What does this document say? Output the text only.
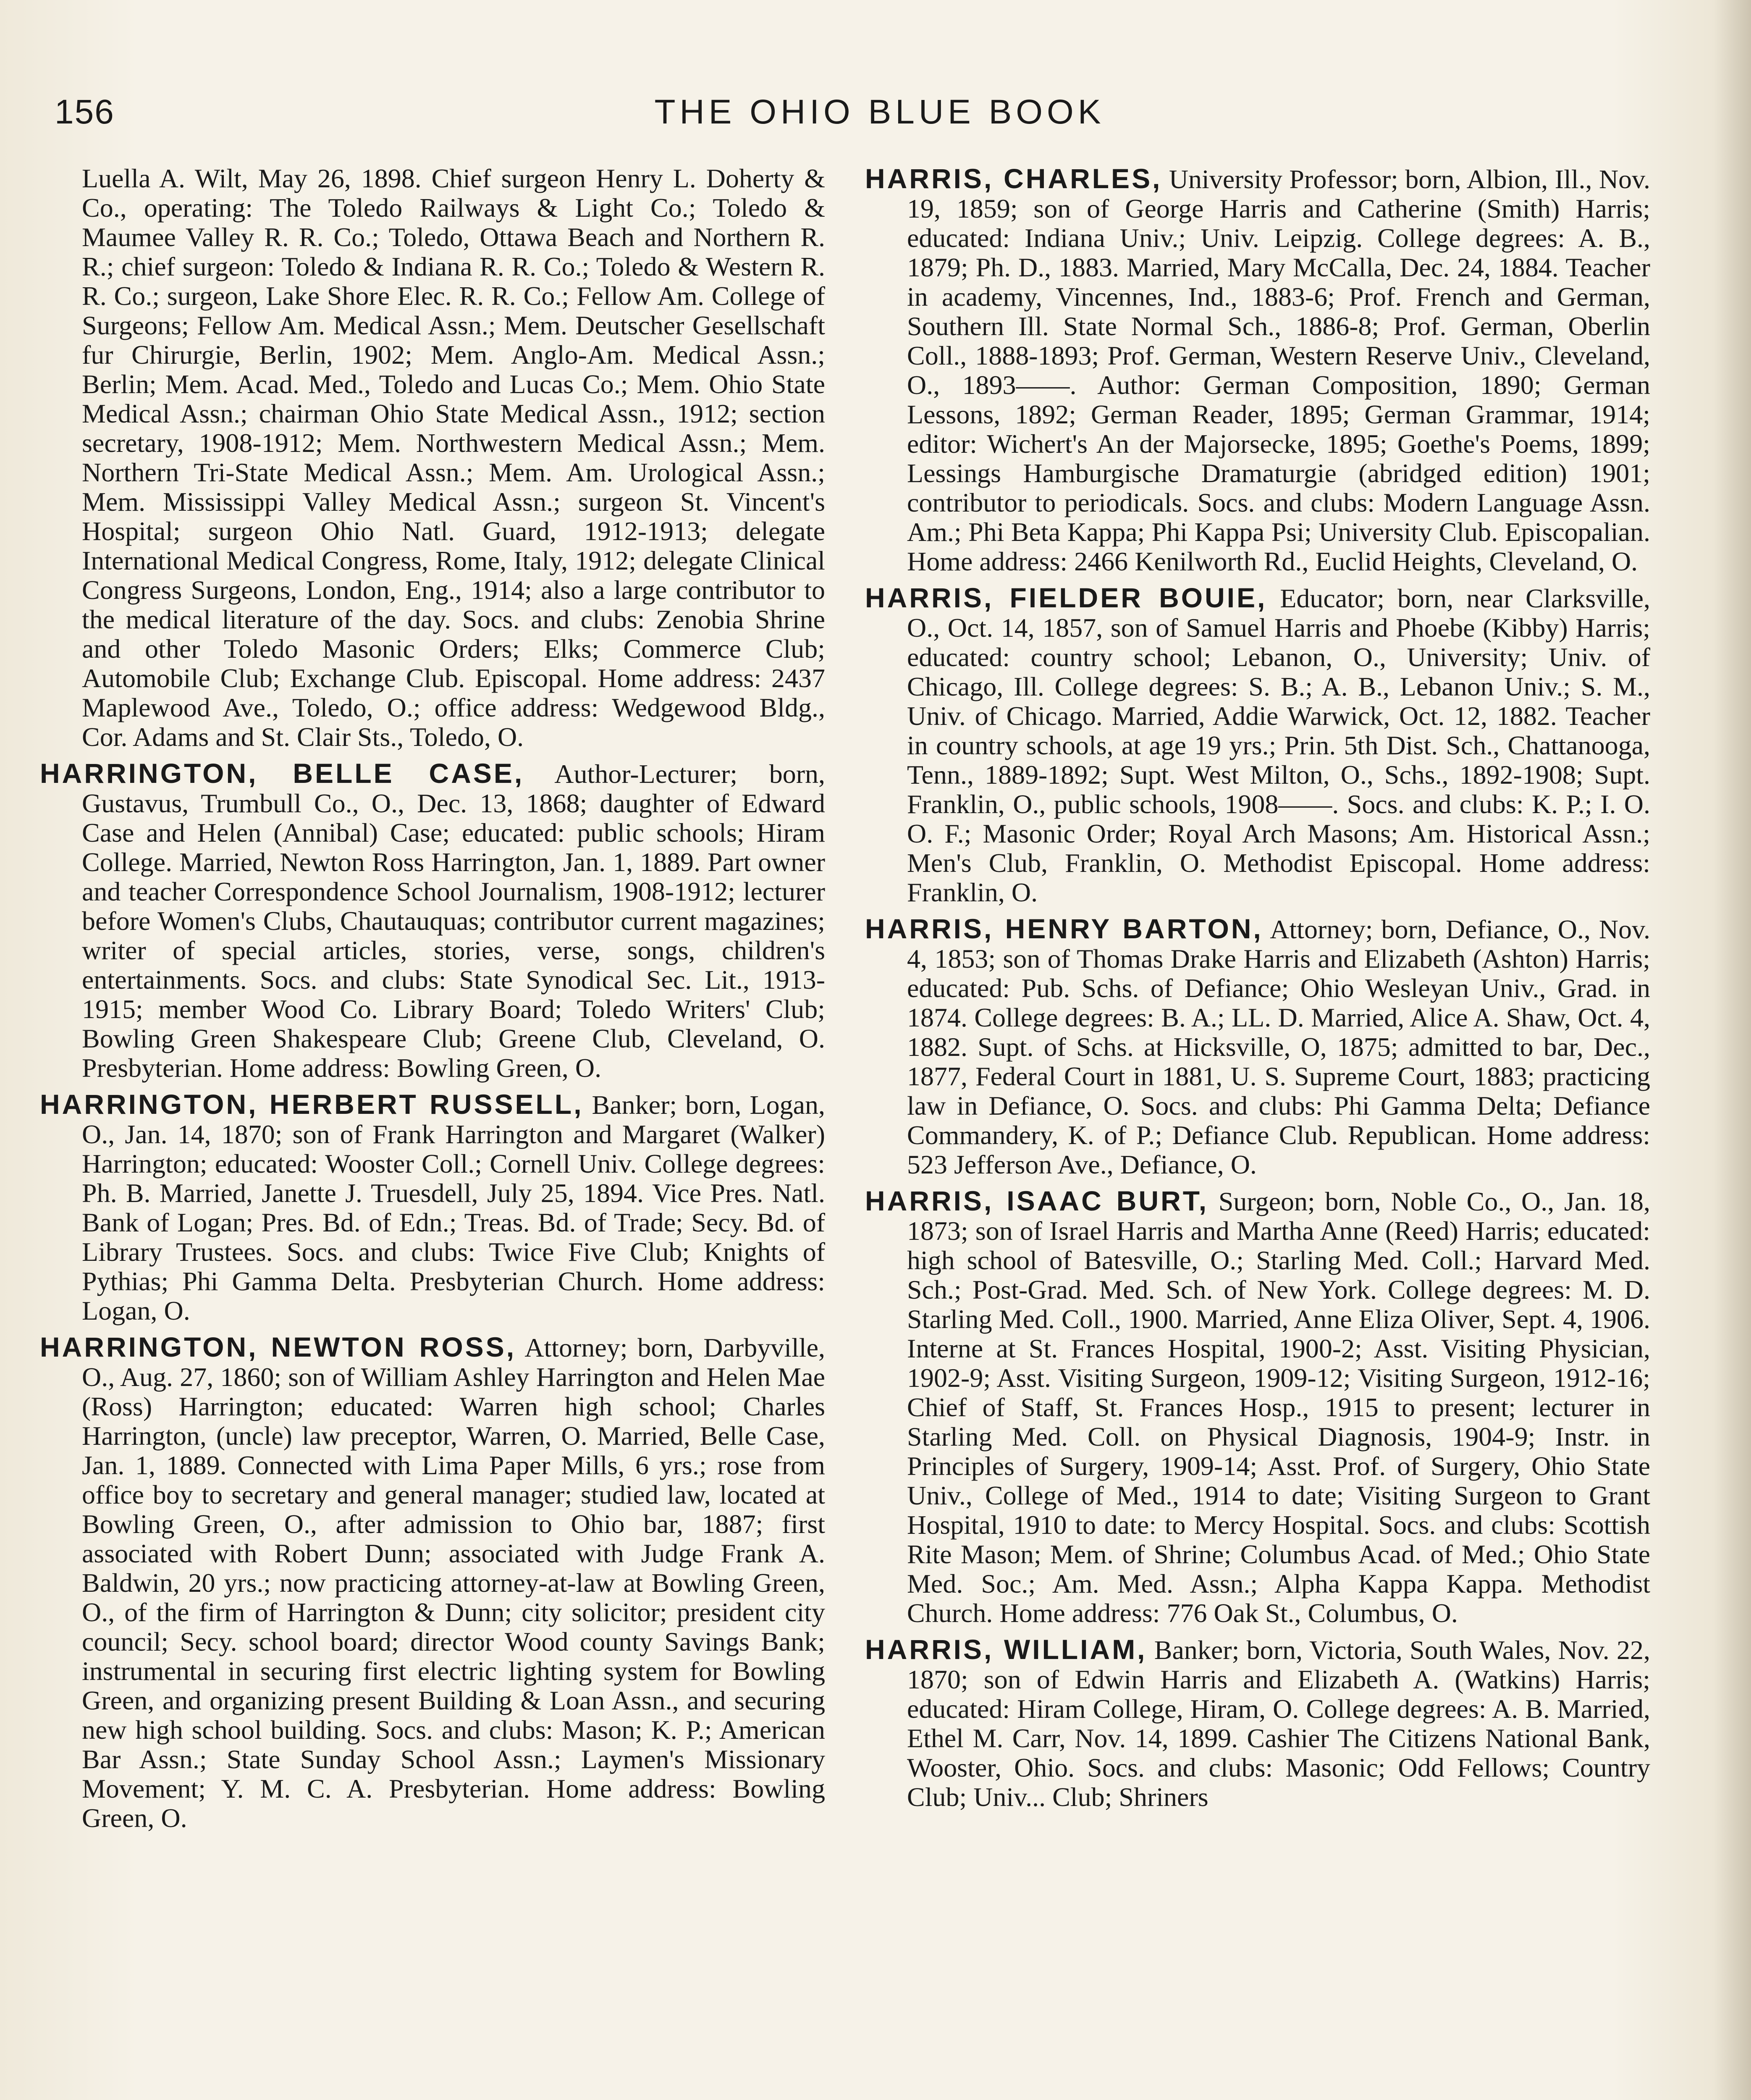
156	THE OHIO BLUE BOOK

Luella A. Wilt, May 26, 1898. Chief surgeon Henry L. Doherty & Co., operating: The Toledo Railways & Light Co.; Toledo & Maumee Valley R. R. Co.; Toledo, Ottawa Beach and Northern R. R.; chief surgeon: Toledo & Indiana R. R. Co.; Toledo & Western R. R. Co.; surgeon, Lake Shore Elec. R. R. Co.; Fellow Am. College of Surgeons; Fellow Am. Medical Assn.; Mem. Deutscher Gesellschaft fur Chirurgie, Berlin, 1902; Mem. Anglo-Am. Medical Assn.; Berlin; Mem. Acad. Med., Toledo and Lucas Co.; Mem. Ohio State Medical Assn.; chairman Ohio State Medical Assn., 1912; section secretary, 1908-1912; Mem. Northwestern Medical Assn.; Mem. Northern Tri-State Medical Assn.; Mem. Am. Urological Assn.; Mem. Mississippi Valley Medical Assn.; surgeon St. Vincent's Hospital; surgeon Ohio Natl. Guard, 1912-1913; delegate International Medical Congress, Rome, Italy, 1912; delegate Clinical Congress Surgeons, London, Eng., 1914; also a large contributor to the medical literature of the day. Socs. and clubs: Zenobia Shrine and other Toledo Masonic Orders; Elks; Commerce Club; Automobile Club; Exchange Club. Episcopal. Home address: 2437 Maplewood Ave., Toledo, O.; office address: Wedgewood Bldg., Cor. Adams and St. Clair Sts., Toledo, O.

HARRINGTON, BELLE CASE, Author-Lecturer; born, Gustavus, Trumbull Co., O., Dec. 13, 1868; daughter of Edward Case and Helen (Annibal) Case; educated: public schools; Hiram College. Married, Newton Ross Harrington, Jan. 1, 1889. Part owner and teacher Correspondence School Journalism, 1908-1912; lecturer before Women's Clubs, Chautauquas; contributor current magazines; writer of special articles, stories, verse, songs, children's entertainments. Socs. and clubs: State Synodical Sec. Lit., 1913-1915; member Wood Co. Library Board; Toledo Writers' Club; Bowling Green Shakespeare Club; Greene Club, Cleveland, O. Presbyterian. Home address: Bowling Green, O.

HARRINGTON, HERBERT RUSSELL, Banker; born, Logan, O., Jan. 14, 1870; son of Frank Harrington and Margaret (Walker) Harrington; educated: Wooster Coll.; Cornell Univ. College degrees: Ph. B. Married, Janette J. Truesdell, July 25, 1894. Vice Pres. Natl. Bank of Logan; Pres. Bd. of Edn.; Treas. Bd. of Trade; Secy. Bd. of Library Trustees. Socs. and clubs: Twice Five Club; Knights of Pythias; Phi Gamma Delta. Presbyterian Church. Home address: Logan, O.

HARRINGTON, NEWTON ROSS, Attorney; born, Darbyville, O., Aug. 27, 1860; son of William Ashley Harrington and Helen Mae (Ross) Harrington; educated: Warren high school; Charles Harrington, (uncle) law preceptor, Warren, O. Married, Belle Case, Jan. 1, 1889. Connected with Lima Paper Mills, 6 yrs.; rose from office boy to secretary and general manager; studied law, located at Bowling Green, O., after admission to Ohio bar, 1887; first associated with Robert Dunn; associated with Judge Frank A. Baldwin, 20 yrs.; now practicing attorney-at-law at Bowling Green, O., of the firm of Harrington & Dunn; city solicitor; president city council; Secy. school board; director Wood county Savings Bank; instrumental in securing first electric lighting system for Bowling Green, and organizing present Building & Loan Assn., and securing new high school building. Socs. and clubs: Mason; K. P.; American Bar Assn.; State Sunday School Assn.; Laymen's Missionary Movement; Y. M. C. A. Presbyterian. Home address: Bowling Green, O.

HARRIS, CHARLES, University Professor; born, Albion, Ill., Nov. 19, 1859; son of George Harris and Catherine (Smith) Harris; educated: Indiana Univ.; Univ. Leipzig. College degrees: A. B., 1879; Ph. D., 1883. Married, Mary McCalla, Dec. 24, 1884. Teacher in academy, Vincennes, Ind., 1883-6; Prof. French and German, Southern Ill. State Normal Sch., 1886-8; Prof. German, Oberlin Coll., 1888-1893; Prof. German, Western Reserve Univ., Cleveland, O., 1893——. Author: German Composition, 1890; German Lessons, 1892; German Reader, 1895; German Grammar, 1914; editor: Wichert's An der Majorsecke, 1895; Goethe's Poems, 1899; Lessings Hamburgische Dramaturgie (abridged edition) 1901; contributor to periodicals. Socs. and clubs: Modern Language Assn. Am.; Phi Beta Kappa; Phi Kappa Psi; University Club. Episcopalian. Home address: 2466 Kenilworth Rd., Euclid Heights, Cleveland, O.

HARRIS, FIELDER BOUIE, Educator; born, near Clarksville, O., Oct. 14, 1857, son of Samuel Harris and Phoebe (Kibby) Harris; educated: country school; Lebanon, O., University; Univ. of Chicago, Ill. College degrees: S. B.; A. B., Lebanon Univ.; S. M., Univ. of Chicago. Married, Addie Warwick, Oct. 12, 1882. Teacher in country schools, at age 19 yrs.; Prin. 5th Dist. Sch., Chattanooga, Tenn., 1889-1892; Supt. West Milton, O., Schs., 1892-1908; Supt. Franklin, O., public schools, 1908——. Socs. and clubs: K. P.; I. O. O. F.; Masonic Order; Royal Arch Masons; Am. Historical Assn.; Men's Club, Franklin, O. Methodist Episcopal. Home address: Franklin, O.

HARRIS, HENRY BARTON, Attorney; born, Defiance, O., Nov. 4, 1853; son of Thomas Drake Harris and Elizabeth (Ashton) Harris; educated: Pub. Schs. of Defiance; Ohio Wesleyan Univ., Grad. in 1874. College degrees: B. A.; LL. D. Married, Alice A. Shaw, Oct. 4, 1882. Supt. of Schs. at Hicksville, O, 1875; admitted to bar, Dec., 1877, Federal Court in 1881, U. S. Supreme Court, 1883; practicing law in Defiance, O. Socs. and clubs: Phi Gamma Delta; Defiance Commandery, K. of P.; Defiance Club. Republican. Home address: 523 Jefferson Ave., Defiance, O.

HARRIS, ISAAC BURT, Surgeon; born, Noble Co., O., Jan. 18, 1873; son of Israel Harris and Martha Anne (Reed) Harris; educated: high school of Batesville, O.; Starling Med. Coll.; Harvard Med. Sch.; Post-Grad. Med. Sch. of New York. College degrees: M. D. Starling Med. Coll., 1900. Married, Anne Eliza Oliver, Sept. 4, 1906. Interne at St. Frances Hospital, 1900-2; Asst. Visiting Physician, 1902-9; Asst. Visiting Surgeon, 1909-12; Visiting Surgeon, 1912-16; Chief of Staff, St. Frances Hosp., 1915 to present; lecturer in Starling Med. Coll. on Physical Diagnosis, 1904-9; Instr. in Principles of Surgery, 1909-14; Asst. Prof. of Surgery, Ohio State Univ., College of Med., 1914 to date; Visiting Surgeon to Grant Hospital, 1910 to date: to Mercy Hospital. Socs. and clubs: Scottish Rite Mason; Mem. of Shrine; Columbus Acad. of Med.; Ohio State Med. Soc.; Am. Med. Assn.; Alpha Kappa Kappa. Methodist Church. Home address: 776 Oak St., Columbus, O.

HARRIS, WILLIAM, Banker; born, Victoria, South Wales, Nov. 22, 1870; son of Edwin Harris and Elizabeth A. (Watkins) Harris; educated: Hiram College, Hiram, O. College degrees: A. B. Married, Ethel M. Carr, Nov. 14, 1899. Cashier The Citizens National Bank, Wooster, Ohio. Socs. and clubs: Masonic; Odd Fellows; Country Club; Univ... Club; Shriners
